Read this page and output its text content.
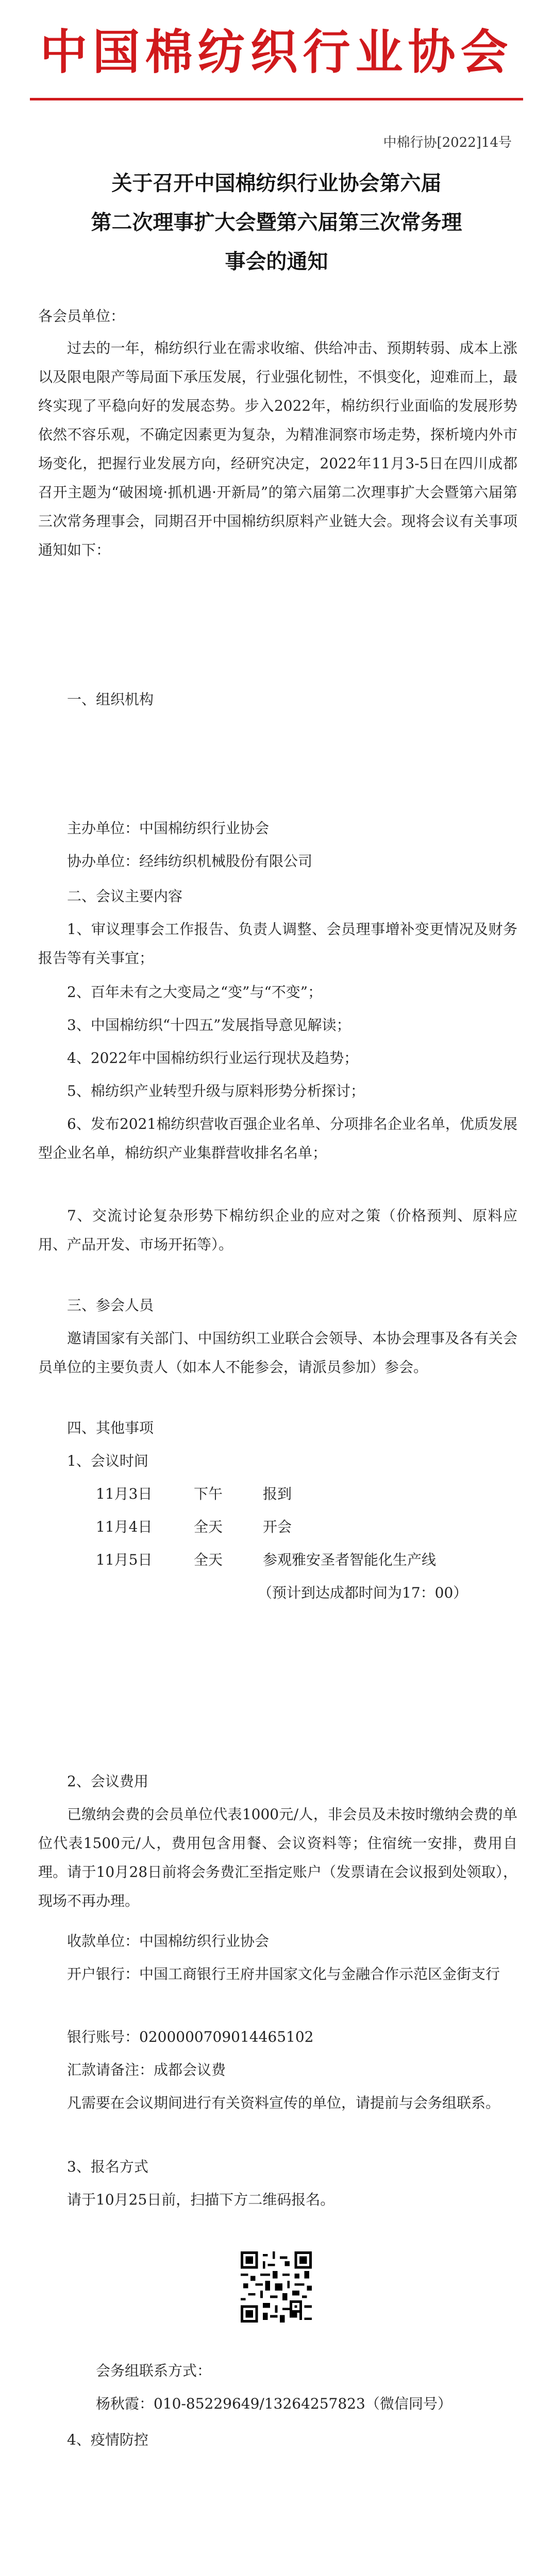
中国棉纺织行业协会
中棉行协[2022]14号
关于召开中国棉纺织行业协会第六届
第二次理事扩大会暨第六届第三次常务理
事会的通知
各会员单位：
过去的一年，棉纺织行业在需求收缩、供给冲击、预期转弱、成本上涨以及限电限产等局面下承压发展，行业强化韧性，不惧变化，迎难而上，最终实现了平稳向好的发展态势。步入2022年，棉纺织行业面临的发展形势依然不容乐观，不确定因素更为复杂，为精准洞察市场走势，探析境内外市场变化，把握行业发展方向，经研究决定，2022年11月3-5日在四川成都召开主题为“破困境·抓机遇·开新局”的第六届第二次理事扩大会暨第六届第三次常务理事会，同期召开中国棉纺织原料产业链大会。现将会议有关事项通知如下：
一、组织机构
主办单位：中国棉纺织行业协会
协办单位：经纬纺织机械股份有限公司
二、会议主要内容
1、审议理事会工作报告、负责人调整、会员理事增补变更情况及财务报告等有关事宜；
2、百年未有之大变局之“变”与“不变”；
3、中国棉纺织“十四五”发展指导意见解读；
4、2022年中国棉纺织行业运行现状及趋势；
5、棉纺织产业转型升级与原料形势分析探讨；
6、发布2021棉纺织营收百强企业名单、分项排名企业名单，优质发展型企业名单，棉纺织产业集群营收排名名单；
7、交流讨论复杂形势下棉纺织企业的应对之策（价格预判、原料应用、产品开发、市场开拓等）。
三、参会人员
邀请国家有关部门、中国纺织工业联合会领导、本协会理事及各有关会员单位的主要负责人（如本人不能参会，请派员参加）参会。
四、其他事项
1、会议时间
11月3日	下午	报到
11月4日	全天	开会
11月5日	全天	参观雅安圣者智能化生产线
（预计到达成都时间为17：00）
2、会议费用
已缴纳会费的会员单位代表1000元/人，非会员及未按时缴纳会费的单位代表1500元/人，费用包含用餐、会议资料等；住宿统一安排，费用自理。请于10月28日前将会务费汇至指定账户（发票请在会议报到处领取），现场不再办理。
收款单位：中国棉纺织行业协会
开户银行：中国工商银行王府井国家文化与金融合作示范区金街支行
银行账号：0200000709014465102
汇款请备注：成都会议费
凡需要在会议期间进行有关资料宣传的单位，请提前与会务组联系。
3、报名方式
请于10月25日前，扫描下方二维码报名。
会务组联系方式：
杨秋霞：010-85229649/13264257823（微信同号）
4、疫情防控
